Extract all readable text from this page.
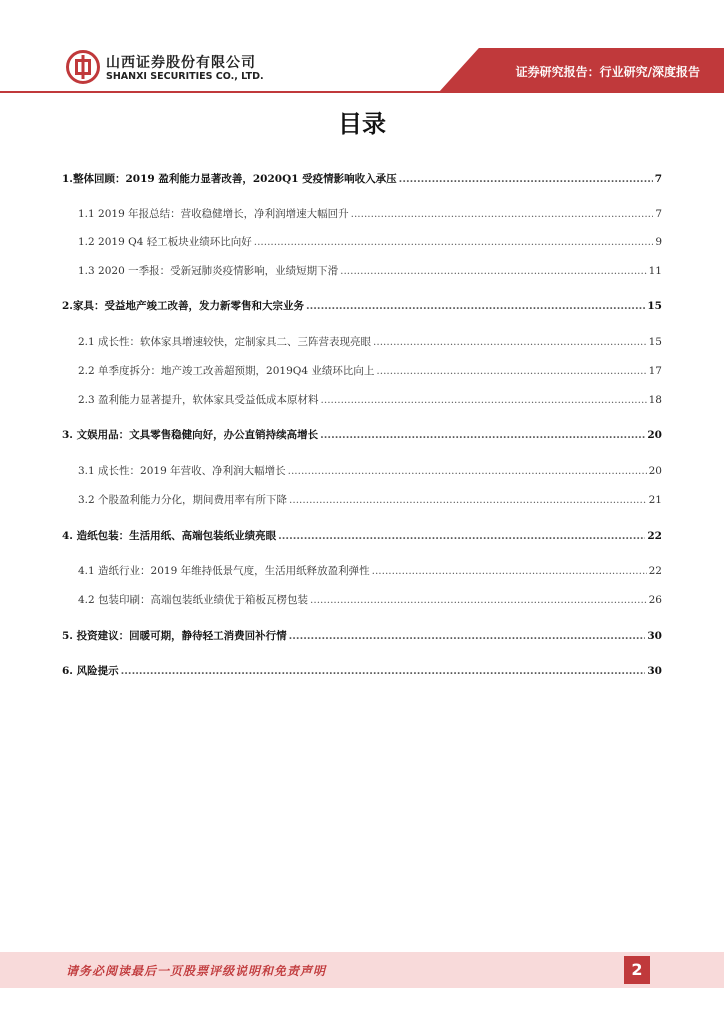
山西证券股份有限公司
SHANXI SECURITIES CO., LTD.	证券研究报告：行业研究/深度报告
目录
1.整体回顾：2019 盈利能力显著改善，2020Q1 受疫情影响收入承压 .....	7
1.1 2019 年报总结：营收稳健增长，净利润增速大幅回升 .....	7
1.2 2019 Q4 轻工板块业绩环比向好 .....	9
1.3 2020 一季报：受新冠肺炎疫情影响，业绩短期下滑 .....	11
2.家具：受益地产竣工改善，发力新零售和大宗业务 .....	15
2.1 成长性：软体家具增速较快，定制家具二、三阵营表现亮眼 .....	15
2.2 单季度拆分：地产竣工改善超预期，2019Q4 业绩环比向上 .....	17
2.3 盈利能力显著提升，软体家具受益低成本原材料 .....	18
3. 文娱用品：文具零售稳健向好，办公直销持续高增长 .....	20
3.1 成长性：2019 年营收、净利润大幅增长 .....	20
3.2 个股盈利能力分化，期间费用率有所下降 .....	21
4. 造纸包装：生活用纸、高端包装纸业绩亮眼 .....	22
4.1 造纸行业：2019 年维持低景气度，生活用纸释放盈利弹性 .....	22
4.2 包装印刷：高端包装纸业绩优于箱板瓦楞包装 .....	26
5. 投资建议：回暖可期，静待轻工消费回补行情 .....	30
6. 风险提示 .....	30
请务必阅读最后一页股票评级说明和免责声明	2
